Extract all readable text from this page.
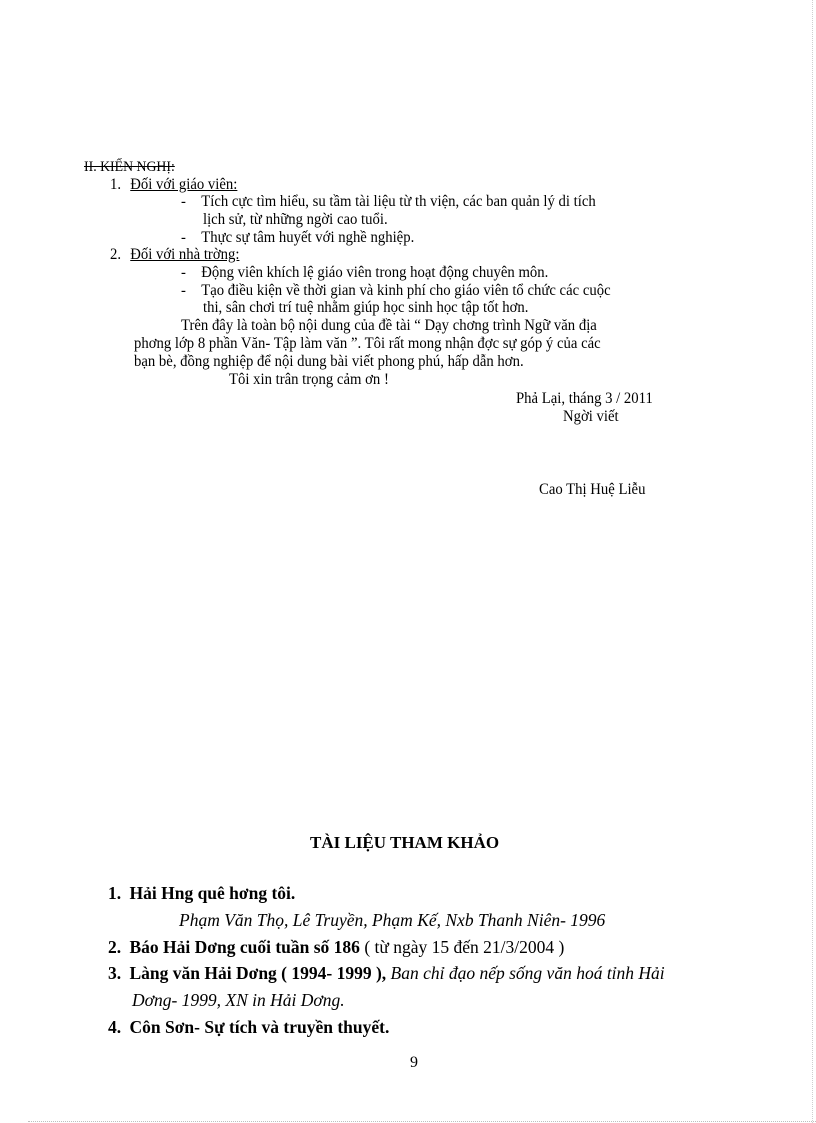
II. KIẾN NGHỊ:
1. Đối với giáo viên:
- Tích cực tìm hiểu, su tầm tài liệu từ th viện, các ban quản lý di tích
lịch sử, từ những ngời cao tuổi.
- Thực sự tâm huyết với nghề nghiệp.
2. Đối với nhà trờng:
- Động viên khích lệ giáo viên trong hoạt động chuyên môn.
- Tạo điều kiện về thời gian và kinh phí cho giáo viên tổ chức các cuộc
thi, sân chơi trí tuệ nhằm giúp học sinh học tập tốt hơn.
Trên đây là toàn bộ nội dung của đề tài “ Dạy chơng trình Ngữ văn địa
phơng lớp 8 phần Văn- Tập làm văn ”. Tôi rất mong nhận đợc sự góp ý của các
bạn bè, đồng nghiệp để nội dung bài viết phong phú, hấp dẫn hơn.
Tôi xin trân trọng cảm ơn !
Phả Lại, tháng 3 / 2011
Ngời viết
Cao Thị Huệ Liễu
TÀI LIỆU THAM KHẢO
1. Hải Hng quê hơng tôi.
Phạm Văn Thọ, Lê Truyền, Phạm Kế, Nxb Thanh Niên- 1996
2. Báo Hải Dơng cuối tuần số 186 ( từ ngày 15 đến 21/3/2004 )
3. Làng văn Hải Dơng ( 1994- 1999 ), Ban chỉ đạo nếp sống văn hoá tỉnh Hải
Dơng- 1999, XN in Hải Dơng.
4. Côn Sơn- Sự tích và truyền thuyết.
9
